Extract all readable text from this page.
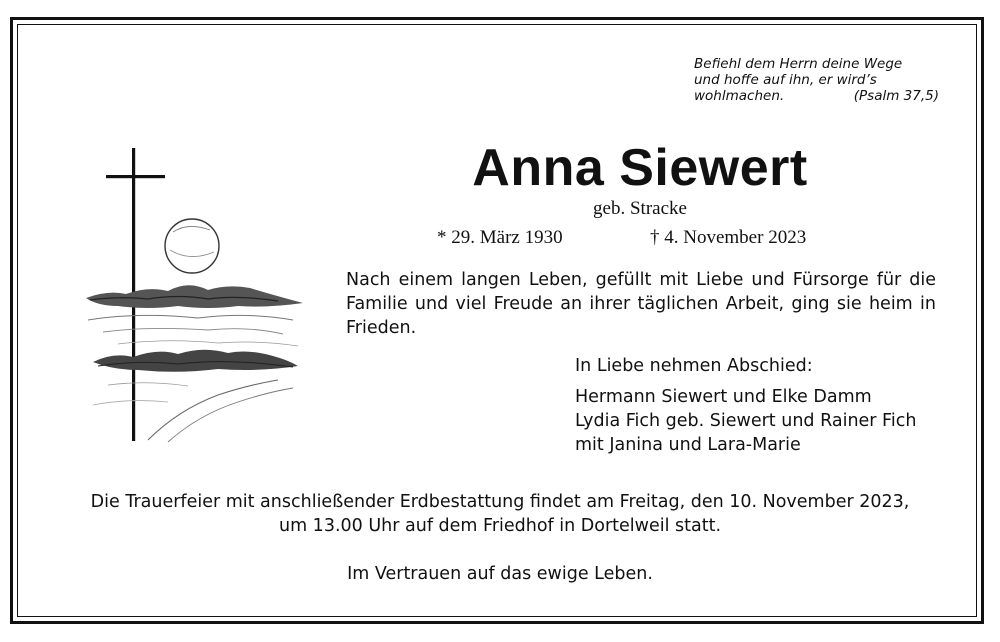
Befiehl dem Herrn deine Wege
und hoffe auf ihn, er wird’s
wohlmachen.	(Psalm 37,5)
Anna Siewert
geb. Stracke
* 29. März 1930	† 4. November 2023
Nach einem langen Leben, gefüllt mit Liebe und Fürsorge für die Familie und viel Freude an ihrer täglichen Arbeit, ging sie heim in Frieden.
In Liebe nehmen Abschied:
Hermann Siewert und Elke Damm
Lydia Fich geb. Siewert und Rainer Fich
mit Janina und Lara-Marie
Die Trauerfeier mit anschließender Erdbestattung findet am Freitag, den 10. November 2023,
um 13.00 Uhr auf dem Friedhof in Dortelweil statt.
Im Vertrauen auf das ewige Leben.
